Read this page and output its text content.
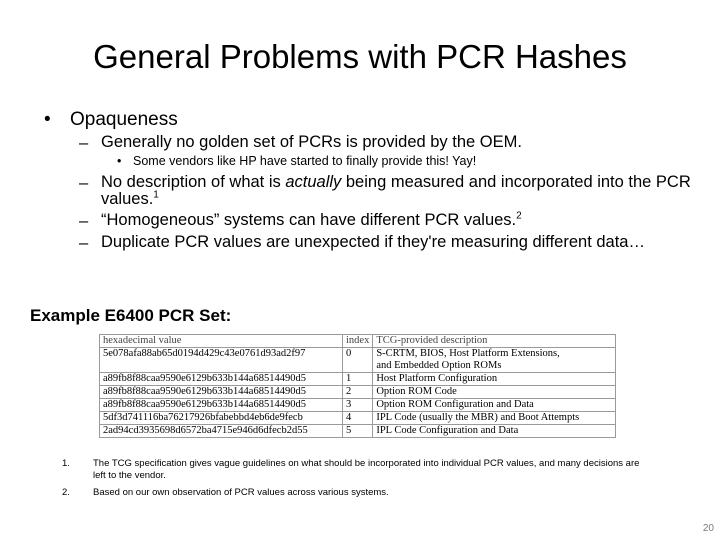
General Problems with PCR Hashes
• Opaqueness
– Generally no golden set of PCRs is provided by the OEM.
• Some vendors like HP have started to finally provide this! Yay!
– No description of what is actually being measured and incorporated into the PCR values.$^1$
– “Homogeneous” systems can have different PCR values.$^2$
– Duplicate PCR values are unexpected if they're measuring different data…
Example E6400 PCR Set:
hexadecimal value	index	TCG-provided description
5e078afa88ab65d0194d429c43e0761d93ad2f97	0	S-CRTM, BIOS, Host Platform Extensions,
and Embedded Option ROMs

a89fb8f88caa9590e6129b633b144a68514490d5	1	Host Platform Configuration
a89fb8f88caa9590e6129b633b144a68514490d5	2	Option ROM Code
a89fb8f88caa9590e6129b633b144a68514490d5	3	Option ROM Configuration and Data
5df3d741116ba76217926bfabebbd4eb6de9fecb	4	IPL Code (usually the MBR) and Boot Attempts
2ad94cd3935698d6572ba4715e946d6dfecb2d55	5	IPL Code Configuration and Data
1. The TCG specification gives vague guidelines on what should be incorporated into individual PCR values, and many decisions are left to the vendor.
2. Based on our own observation of PCR values across various systems.
20
